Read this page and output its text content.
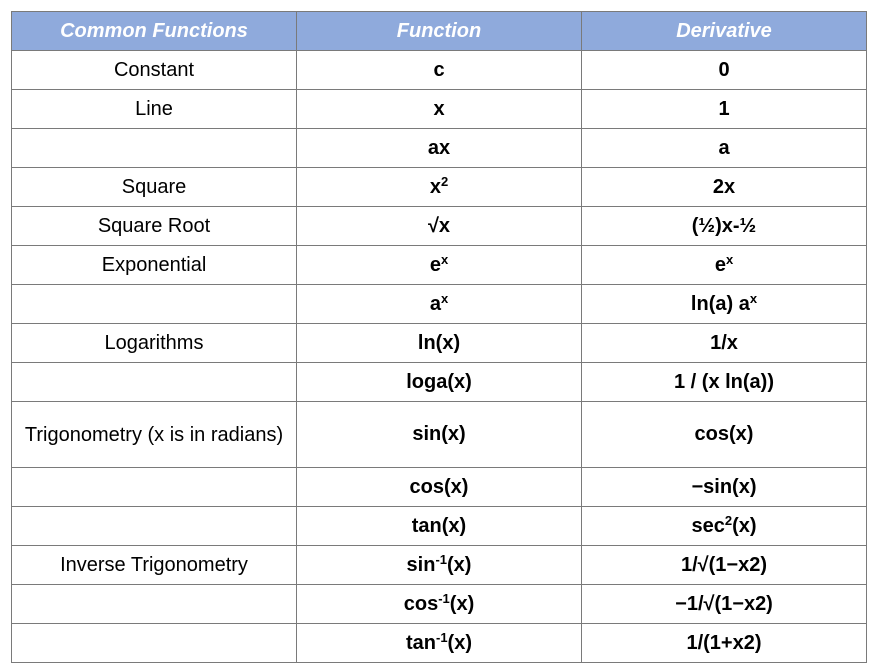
Common Functions	Function	Derivative
Constant	c	0
Line	x	1
	ax	a
Square	$x^2$	2x
Square Root	√x	(½)x-½
Exponential	$e^x$	$e^x$
	$a^x$	ln(a) $a^x$
Logarithms	ln(x)	1/x
	loga(x)	1 / (x ln(a))
Trigonometry (x is in radians)	sin(x)	cos(x)
	cos(x)	−sin(x)
	tan(x)	$\sec^2(x)$
Inverse Trigonometry	$\sin^{-1}(x)$	1/√(1−x2)
	$\cos^{-1}(x)$	−1/√(1−x2)
	$\tan^{-1}(x)$	1/(1+x2)
